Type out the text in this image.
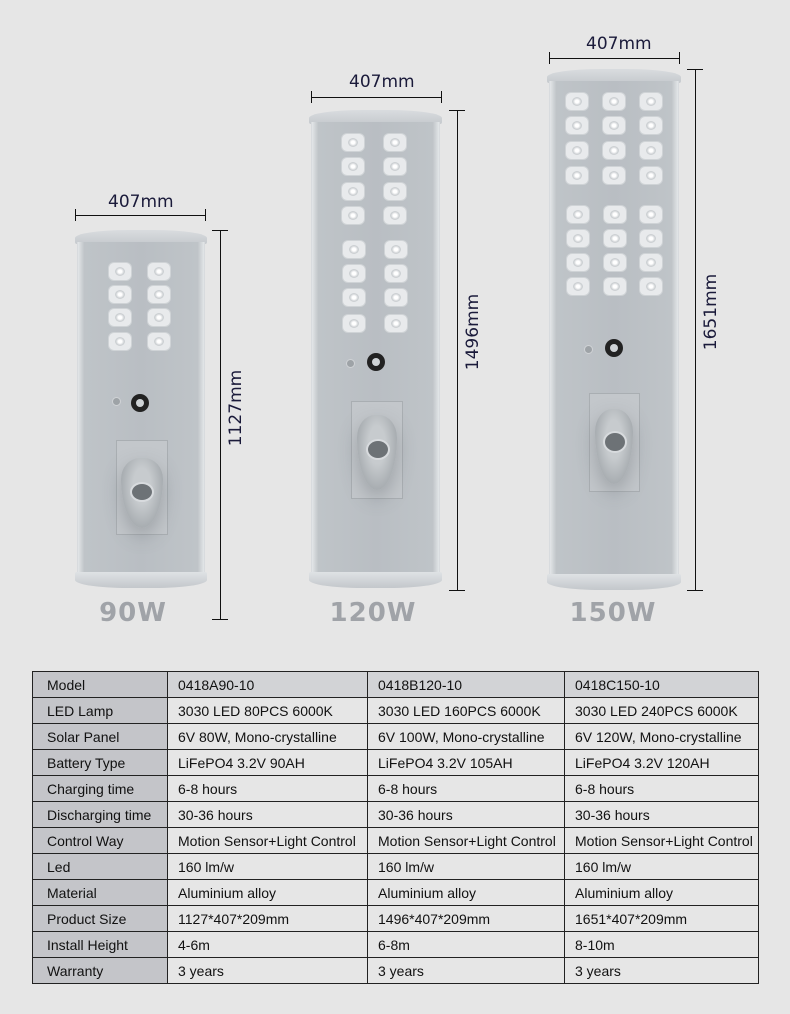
407mm
1127mm
90W
407mm
1496mm
120W
407mm
1651mm
150W
Model	0418A90-10	0418B120-10	0418C150-10
LED Lamp	3030 LED 80PCS 6000K	3030 LED 160PCS 6000K	3030 LED 240PCS 6000K
Solar Panel	6V 80W, Mono-crystalline	6V 100W, Mono-crystalline	6V 120W, Mono-crystalline
Battery Type	LiFePO4 3.2V 90AH	LiFePO4 3.2V 105AH	LiFePO4 3.2V 120AH
Charging time	6-8 hours	6-8 hours	6-8 hours
Discharging time	30-36 hours	30-36 hours	30-36 hours
Control Way	Motion Sensor+Light Control	Motion Sensor+Light Control	Motion Sensor+Light Control
Led	160 lm/w	160 lm/w	160 lm/w
Material	Aluminium alloy	Aluminium alloy	Aluminium alloy
Product Size	1127*407*209mm	1496*407*209mm	1651*407*209mm
Install Height	4-6m	6-8m	8-10m
Warranty	3 years	3 years	3 years
